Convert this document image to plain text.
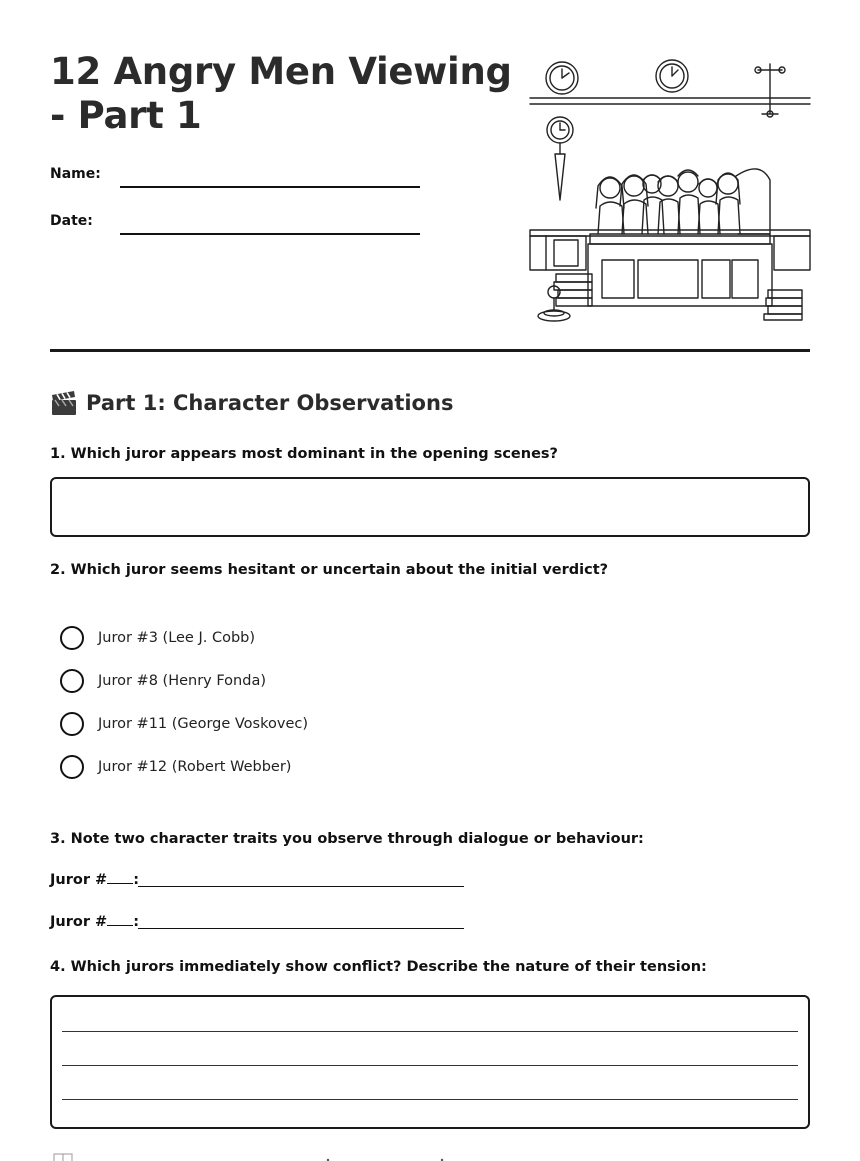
12 Angry Men Viewing - Part 1
Name:
Date:
Part 1: Character Observations

1. Which juror appears most dominant in the opening scenes?

2. Which juror seems hesitant or uncertain about the initial verdict?

Juror #3 (Lee J. Cobb)
Juror #8 (Henry Fonda)
Juror #11 (George Voskovec)
Juror #12 (Robert Webber)

3. Note two character traits you observe through dialogue or behaviour:

Juror # :
Juror # :

4. Which jurors immediately show conflict? Describe the nature of their tension:
